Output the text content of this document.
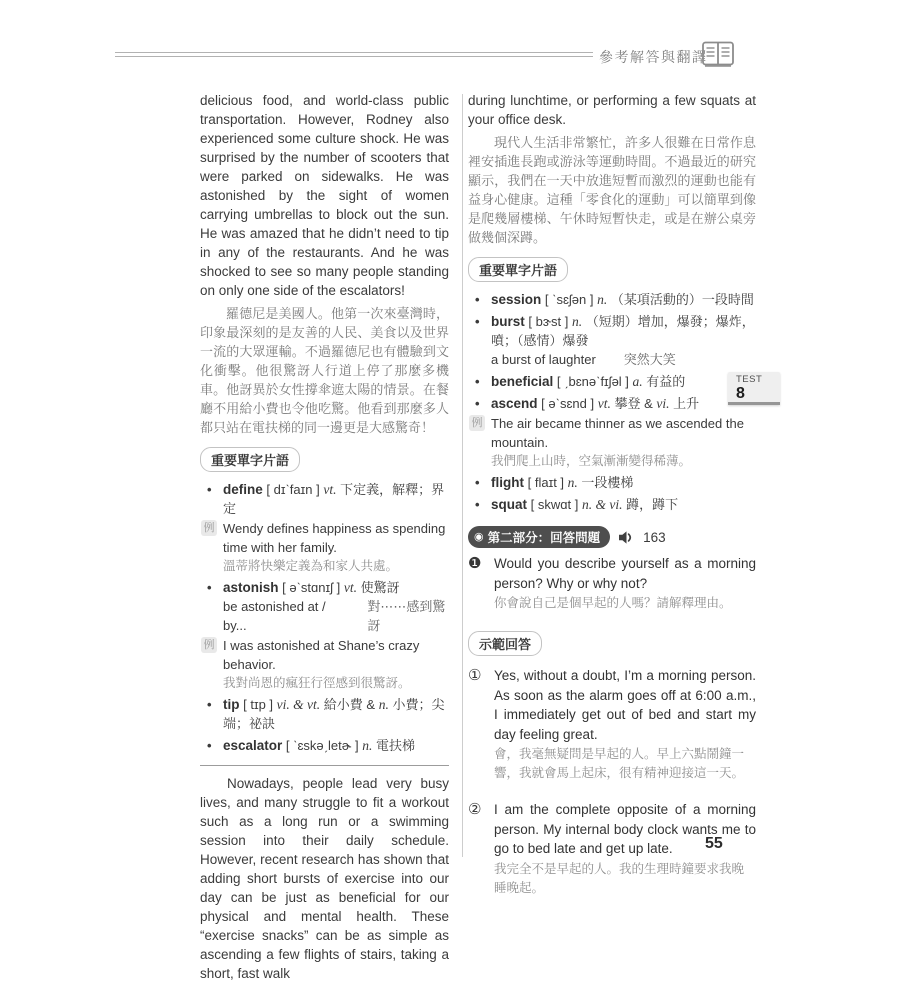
參考解答與翻譯
TEST
8

delicious food, and world-class public transportation. However, Rodney also experienced some culture shock. He was surprised by the number of scooters that were parked on sidewalks. He was astonished by the sight of women carrying umbrellas to block out the sun. He was amazed that he didn’t need to tip in any of the restaurants. And he was shocked to see so many people standing on only one side of the escalators!

羅德尼是美國人。他第一次來臺灣時，印象最深刻的是友善的人民、美食以及世界一流的大眾運輸。不過羅德尼也有體驗到文化衝擊。他很驚訝人行道上停了那麼多機車。他訝異於女性撐傘遮太陽的情景。在餐廳不用給小費也令他吃驚。他看到那麼多人都只站在電扶梯的同一邊更是大感驚奇！

重要單字片語
• define [ dɪˋfaɪn ] vt. 下定義，解釋；界定
例 Wendy defines happiness as spending time with her family.
溫蒂將快樂定義為和家人共處。
• astonish [ əˋstɑnɪʃ ] vt. 使驚訝
be astonished at / by...
對⋯⋯感到驚訝
例 I was astonished at Shane’s crazy behavior.
我對尚恩的瘋狂行徑感到很驚訝。
• tip [ tɪp ] vi. & vt. 給小費 & n. 小費；尖端；祕訣
• escalator [ ˋɛskəˏletɚ ] n. 電扶梯

Nowadays, people lead very busy lives, and many struggle to fit a workout such as a long run or a swimming session into their daily schedule. However, recent research has shown that adding short bursts of exercise into our day can be just as beneficial for our physical and mental health. These “exercise snacks” can be as simple as ascending a few flights of stairs, taking a short, fast walk

during lunchtime, or performing a few squats at your office desk.

現代人生活非常繁忙，許多人很難在日常作息裡安插進長跑或游泳等運動時間。不過最近的研究顯示，我們在一天中放進短暫而激烈的運動也能有益身心健康。這種「零食化的運動」可以簡單到像是爬幾層樓梯、午休時短暫快走，或是在辦公桌旁做幾個深蹲。

重要單字片語
• session [ ˋsɛʃən ] n. （某項活動的）一段時間
• burst [ bɝst ] n. （短期）增加，爆發；爆炸，噴；（感情）爆發
a burst of laughter 突然大笑
• beneficial [ ˏbɛnəˋfɪʃəl ] a. 有益的
• ascend [ əˋsɛnd ] vt. 攀登 & vi. 上升
例 The air became thinner as we ascended the mountain.
我們爬上山時，空氣漸漸變得稀薄。
• flight [ flaɪt ] n. 一段樓梯
• squat [ skwɑt ] n. & vi. 蹲，蹲下
◉ 第二部分：回答問題	163
❶ Would you describe yourself as a morning person? Why or why not?
你會說自己是個早起的人嗎？請解釋理由。
示範回答
① Yes, without a doubt, I’m a morning person. As soon as the alarm goes off at 6:00 a.m., I immediately get out of bed and start my day feeling great.
會，我毫無疑問是早起的人。早上六點鬧鐘一響，我就會馬上起床，很有精神迎接這一天。
② I am the complete opposite of a morning person. My internal body clock wants me to go to bed late and get up late.
我完全不是早起的人。我的生理時鐘要求我晚睡晚起。
55
